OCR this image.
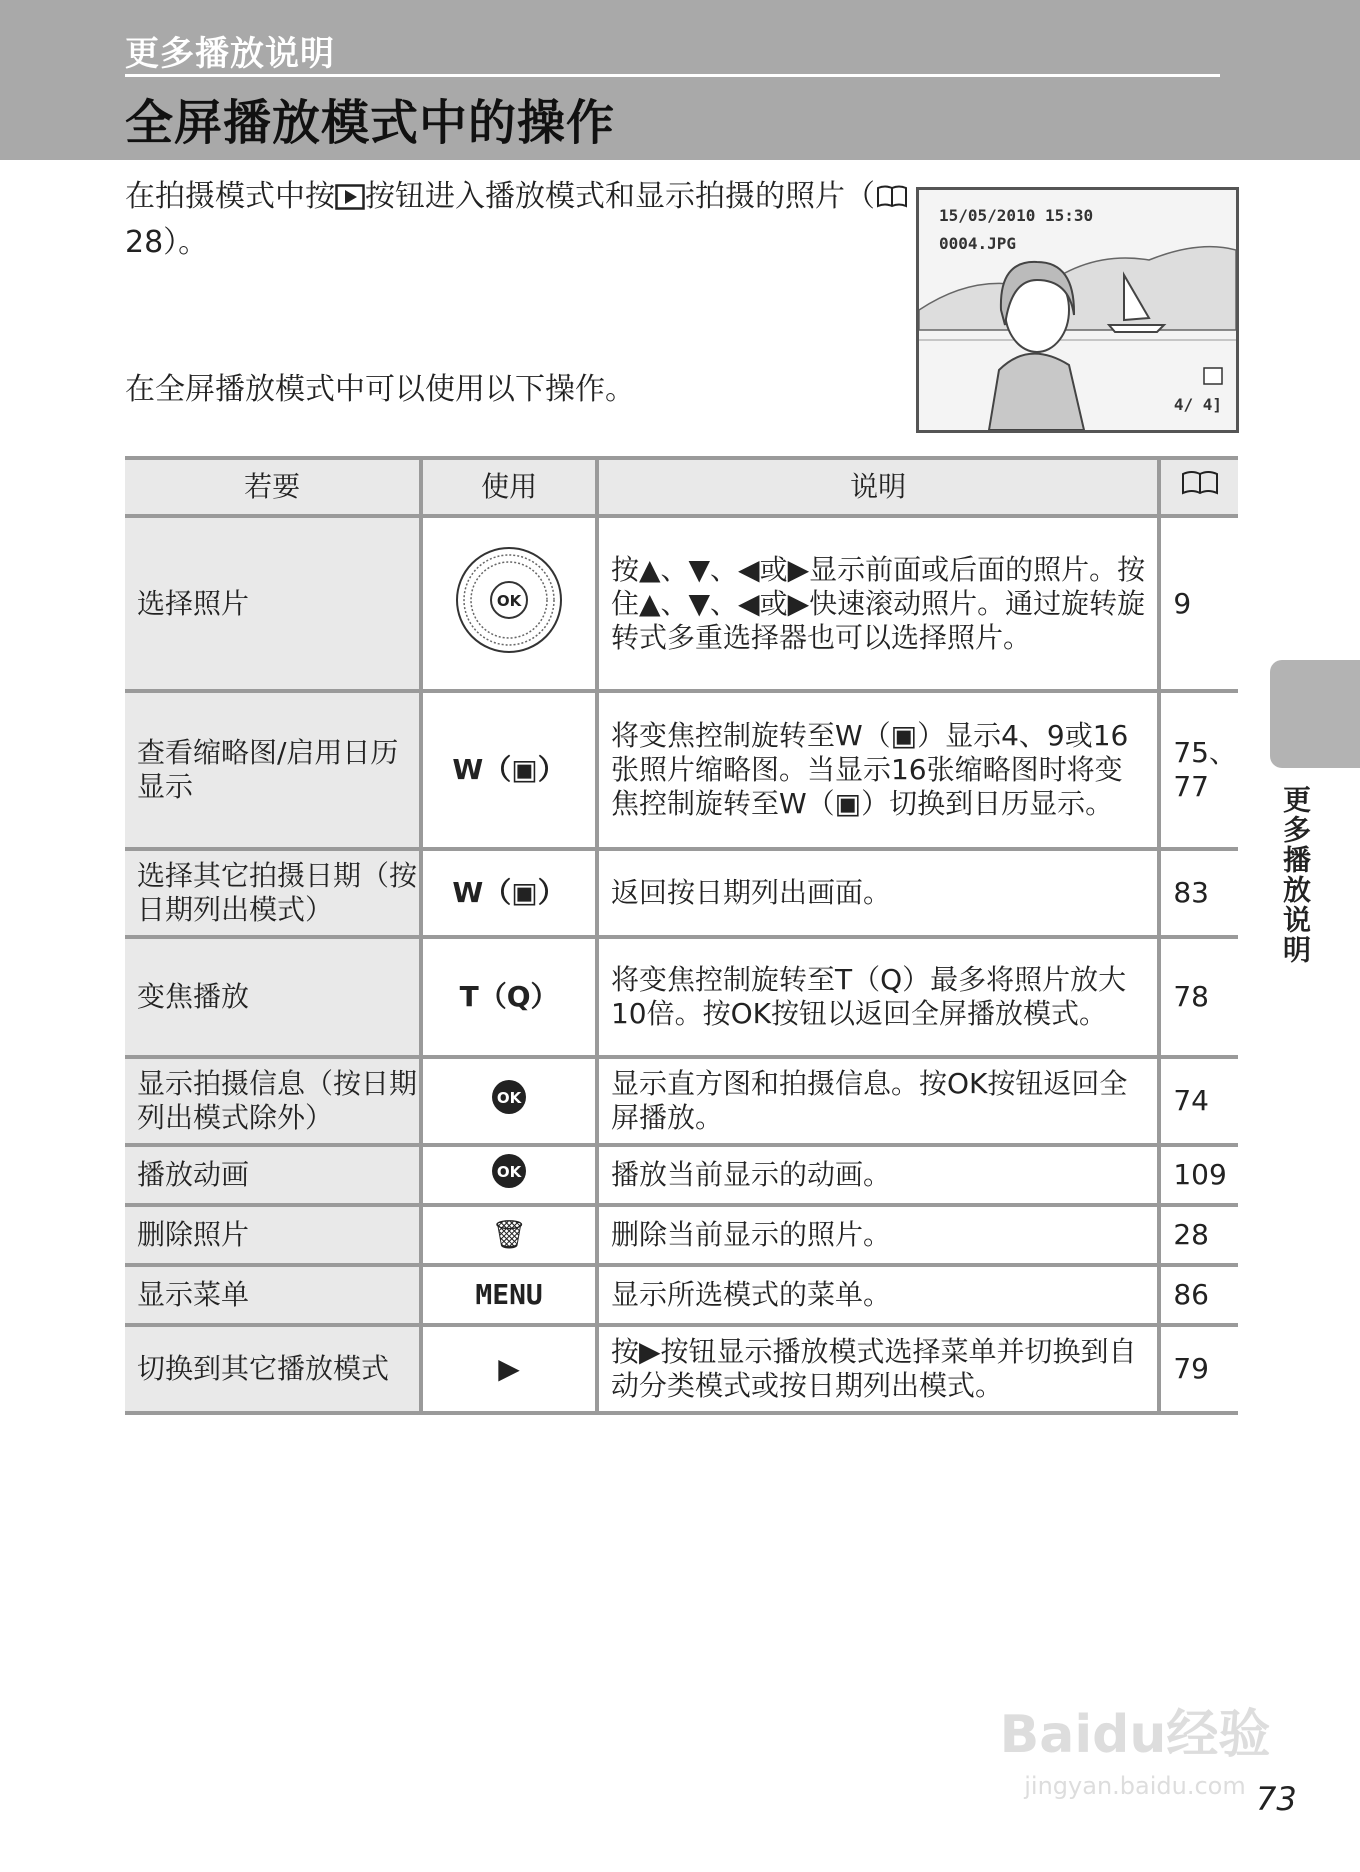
更多播放说明
全屏播放模式中的操作
在拍摄模式中按 按钮进入播放模式和显示拍摄的照片（ 28）。
在全屏播放模式中可以使用以下操作。
15/05/2010 15:30
0004.JPG
4/ 4]
若要	使用	说明	
选择照片	OK	按▲、▼、◀或▶显示前面或后面的照片。按住▲、▼、◀或▶快速滚动照片。通过旋转旋转式多重选择器也可以选择照片。	9
查看缩略图/启用日历显示	W（▣）	将变焦控制旋转至W（▣）显示4、9或16张照片缩略图。当显示16张缩略图时将变焦控制旋转至W（▣）切换到日历显示。	75、77
选择其它拍摄日期（按日期列出模式）	W（▣）	返回按日期列出画面。	83
变焦播放	T（Q）	将变焦控制旋转至T（Q）最多将照片放大10倍。按OK按钮以返回全屏播放模式。	78
显示拍摄信息（按日期列出模式除外）	OK	显示直方图和拍摄信息。按OK按钮返回全屏播放。	74
播放动画	OK	播放当前显示的动画。	109
删除照片	🗑	删除当前显示的照片。	28
显示菜单	MENU	显示所选模式的菜单。	86
切换到其它播放模式	▶	按▶按钮显示播放模式选择菜单并切换到自动分类模式或按日期列出模式。	79
更多播放说明
Baidu经验
jingyan.baidu.com 73
